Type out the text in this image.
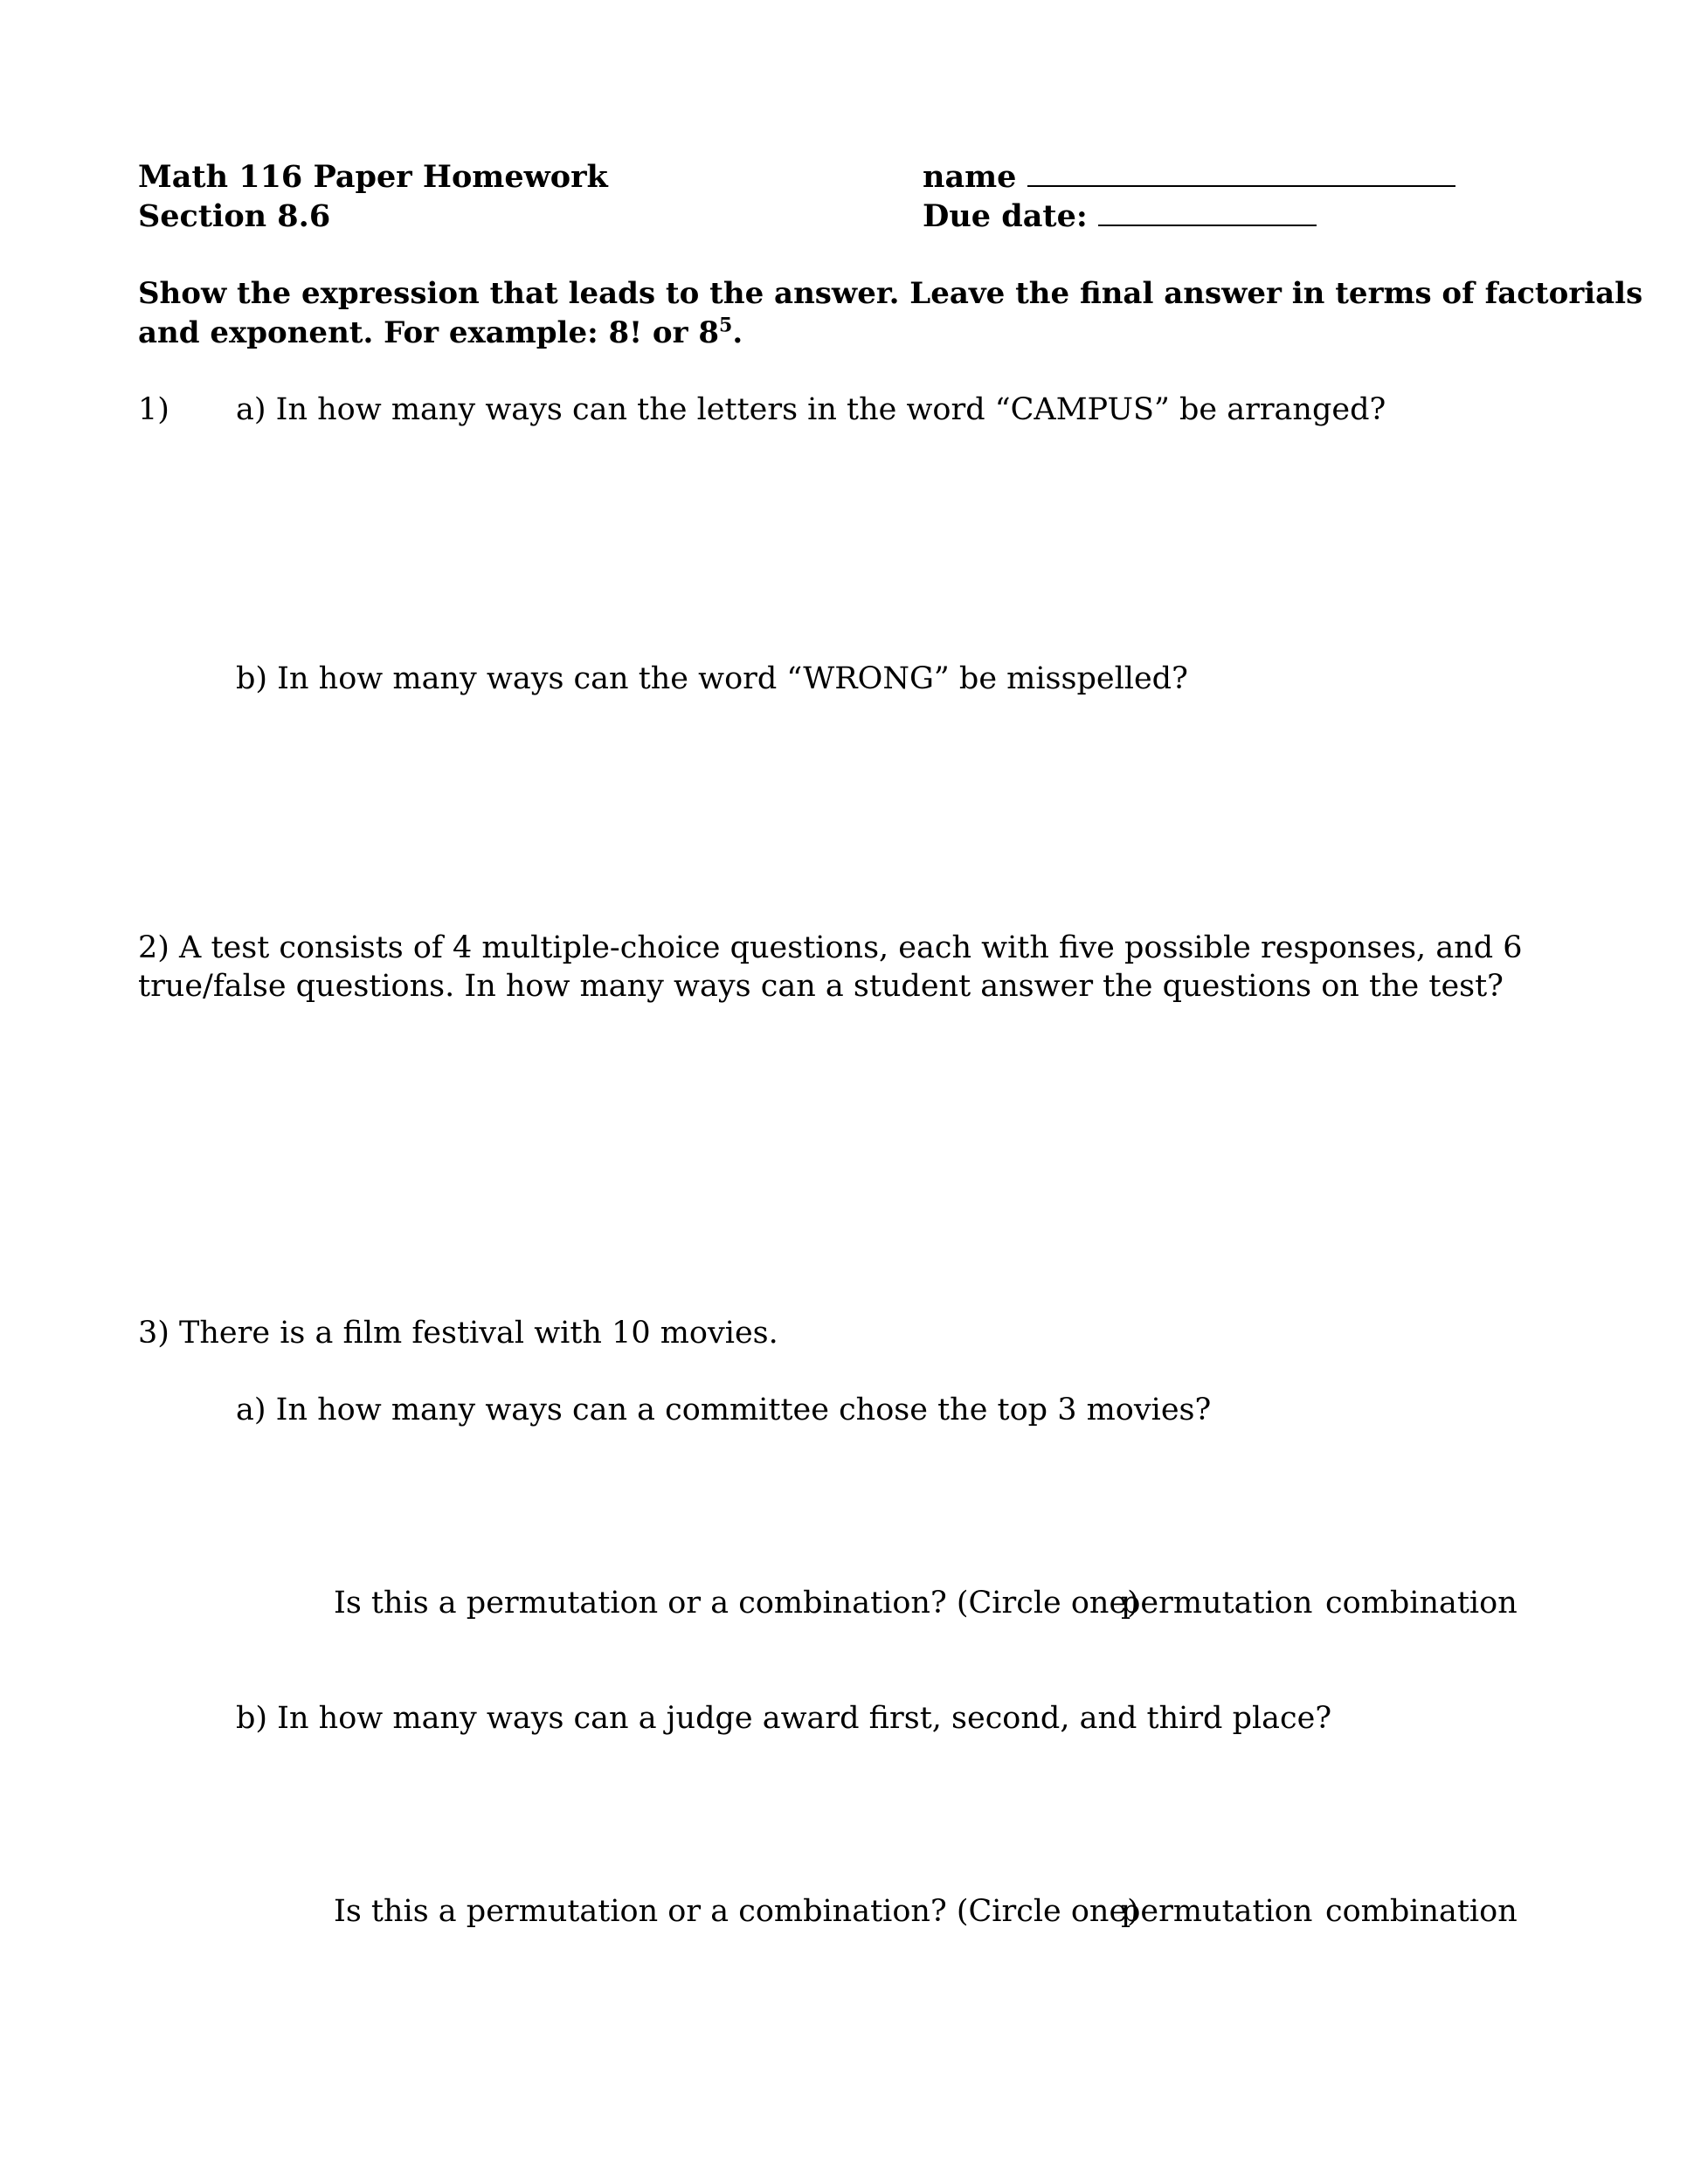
Math 116 Paper Homework
Section 8.6
name
Due date:
Show the expression that leads to the answer. Leave the final answer in terms of factorials
and exponent. For example: 8! or $8^5$.
1) a) In how many ways can the letters in the word “CAMPUS” be arranged?
b) In how many ways can the word “WRONG” be misspelled?
2) A test consists of 4 multiple-choice questions, each with five possible responses, and 6
true/false questions. In how many ways can a student answer the questions on the test?
3) There is a film festival with 10 movies.
a) In how many ways can a committee chose the top 3 movies?
Is this a permutation or a combination? (Circle one)
permutation combination
b) In how many ways can a judge award first, second, and third place?
Is this a permutation or a combination? (Circle one)
permutation combination
